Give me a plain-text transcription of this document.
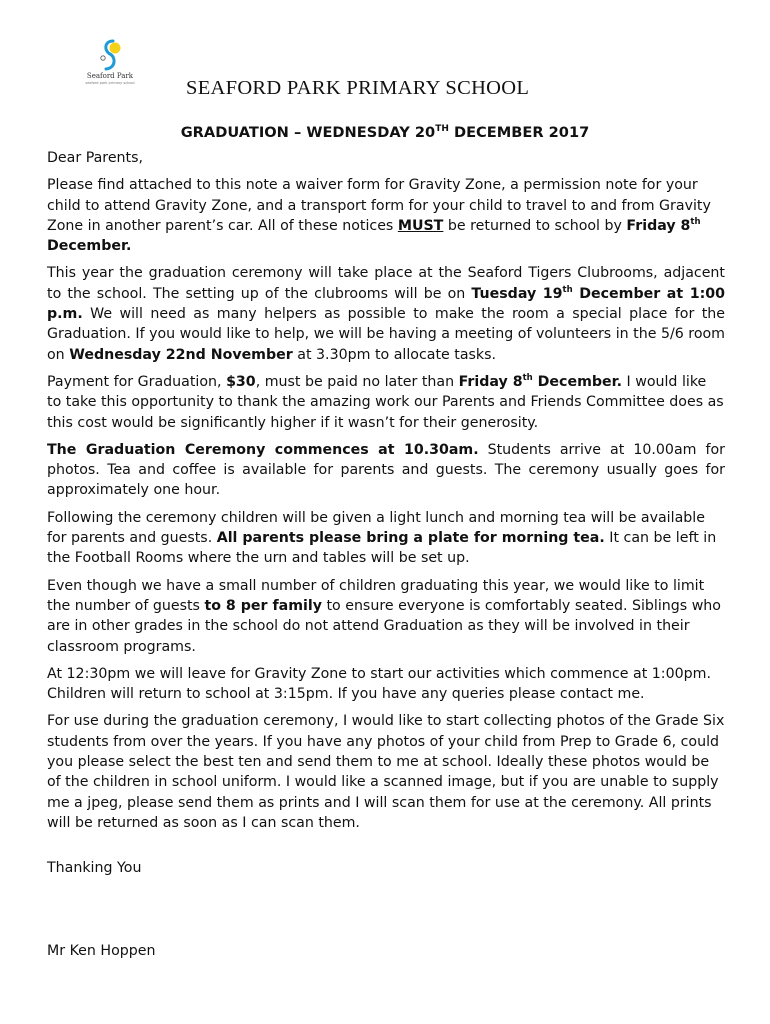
Seaford Park
seaford park primary school	SEAFORD PARK PRIMARY SCHOOL
GRADUATION – WEDNESDAY 20TH DECEMBER 2017

Dear Parents,

Please find attached to this note a waiver form for Gravity Zone, a permission note for your child to attend Gravity Zone, and a transport form for your child to travel to and from Gravity Zone in another parent’s car. All of these notices MUST be returned to school by Friday 8th
December.

This year the graduation ceremony will take place at the Seaford Tigers Clubrooms, adjacent to the school. The setting up of the clubrooms will be on Tuesday 19th December at 1:00 p.m. We will need as many helpers as possible to make the room a special place for the Graduation. If you would like to help, we will be having a meeting of volunteers in the 5/6 room on Wednesday 22nd November at 3.30pm to allocate tasks.

Payment for Graduation, $30, must be paid no later than Friday 8th December. I would like to take this opportunity to thank the amazing work our Parents and Friends Committee does as this cost would be significantly higher if it wasn’t for their generosity.

The Graduation Ceremony commences at 10.30am. Students arrive at 10.00am for photos. Tea and coffee is available for parents and guests. The ceremony usually goes for approximately one hour.

Following the ceremony children will be given a light lunch and morning tea will be available for parents and guests. All parents please bring a plate for morning tea. It can be left in the Football Rooms where the urn and tables will be set up.

Even though we have a small number of children graduating this year, we would like to limit the number of guests to 8 per family to ensure everyone is comfortably seated. Siblings who are in other grades in the school do not attend Graduation as they will be involved in their classroom programs.

At 12:30pm we will leave for Gravity Zone to start our activities which commence at 1:00pm. Children will return to school at 3:15pm. If you have any queries please contact me.

For use during the graduation ceremony, I would like to start collecting photos of the Grade Six students from over the years. If you have any photos of your child from Prep to Grade 6, could you please select the best ten and send them to me at school. Ideally these photos would be of the children in school uniform. I would like a scanned image, but if you are unable to supply me a jpeg, please send them as prints and I will scan them for use at the ceremony. All prints will be returned as soon as I can scan them.

Thanking You
Mr Ken Hoppen
